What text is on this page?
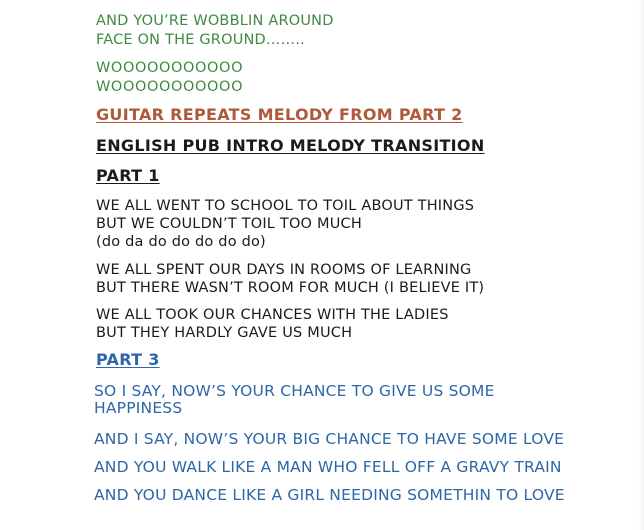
AND YOU’RE WOBBLIN AROUND
FACE ON THE GROUND……..
WOOOOOOOOOOO
WOOOOOOOOOOO
GUITAR REPEATS MELODY FROM PART 2
ENGLISH PUB INTRO MELODY TRANSITION
PART 1
WE ALL WENT TO SCHOOL TO TOIL ABOUT THINGS
BUT WE COULDN’T TOIL TOO MUCH
(do da do do do do do)
WE ALL SPENT OUR DAYS IN ROOMS OF LEARNING
BUT THERE WASN’T ROOM FOR MUCH (I BELIEVE IT)
WE ALL TOOK OUR CHANCES WITH THE LADIES
BUT THEY HARDLY GAVE US MUCH
PART 3
SO I SAY, NOW’S YOUR CHANCE TO GIVE US SOME
HAPPINESS
AND I SAY, NOW’S YOUR BIG CHANCE TO HAVE SOME LOVE
AND YOU WALK LIKE A MAN WHO FELL OFF A GRAVY TRAIN
AND YOU DANCE LIKE A GIRL NEEDING SOMETHIN TO LOVE
